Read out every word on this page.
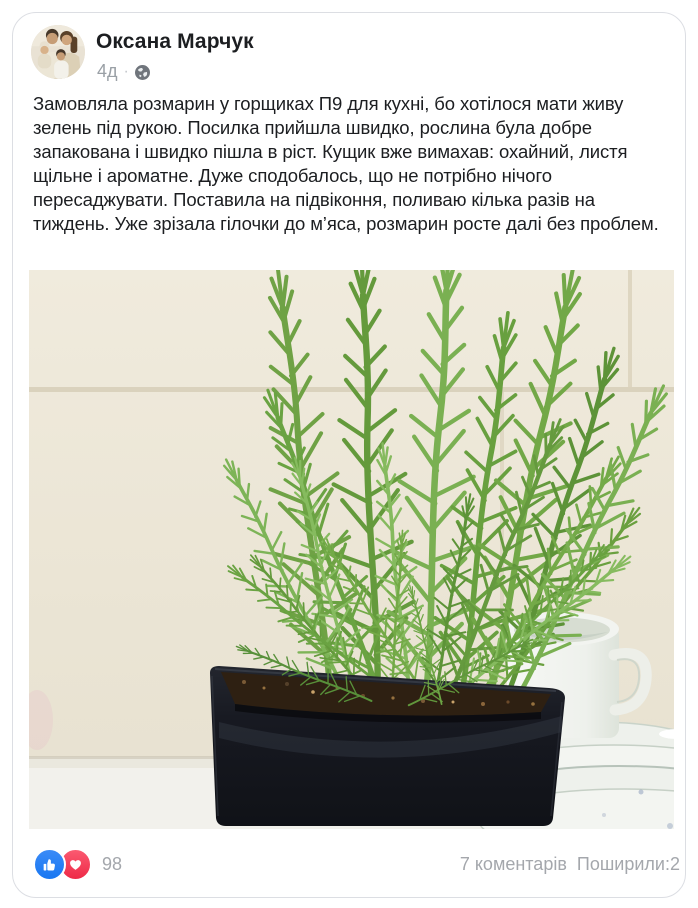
Оксана Марчук
4д ·
Замовляла розмарин у горщиках П9 для кухні, бо хотілося мати живу зелень під рукою. Посилка прийшла швидко, рослина була добре запакована і швидко пішла в ріст. Кущик вже вимахав: охайний, листя щільне і ароматне. Дуже сподобалось, що не потрібно нічого пересаджувати. Поставила на підвіконня, поливаю кілька разів на тиждень. Уже зрізала гілочки до м’яса, розмарин росте далі без проблем.
98	7 коментарів Поширили:2
